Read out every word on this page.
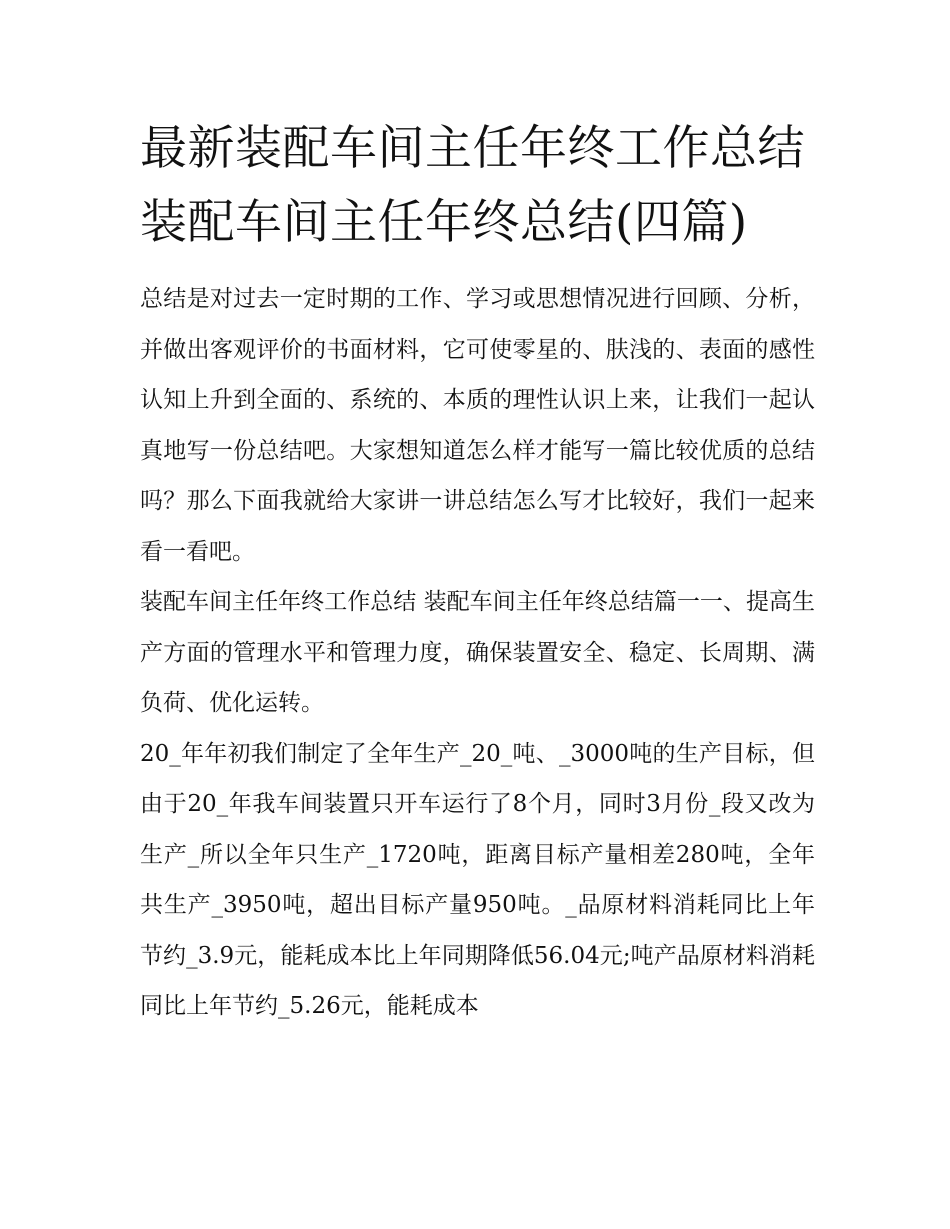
最新装配车间主任年终工作总结 装配车间主任年终总结(四篇)

总结是对过去一定时期的工作、学习或思想情况进行回顾、分析，并做出客观评价的书面材料，它可使零星的、肤浅的、表面的感性认知上升到全面的、系统的、本质的理性认识上来，让我们一起认真地写一份总结吧。大家想知道怎么样才能写一篇比较优质的总结吗？那么下面我就给大家讲一讲总结怎么写才比较好，我们一起来看一看吧。

装配车间主任年终工作总结 装配车间主任年终总结篇一一、提高生产方面的管理水平和管理力度，确保装置安全、稳定、长周期、满负荷、优化运转。

20_年年初我们制定了全年生产_20_吨、_3000吨的生产目标，但由于20_年我车间装置只开车运行了8个月，同时3月份_段又改为生产_所以全年只生产_1720吨，距离目标产量相差280吨，全年共生产_3950吨，超出目标产量950吨。_品原材料消耗同比上年节约_3.9元，能耗成本比上年同期降低56.04元;吨产品原材料消耗同比上年节约_5.26元，能耗成本
